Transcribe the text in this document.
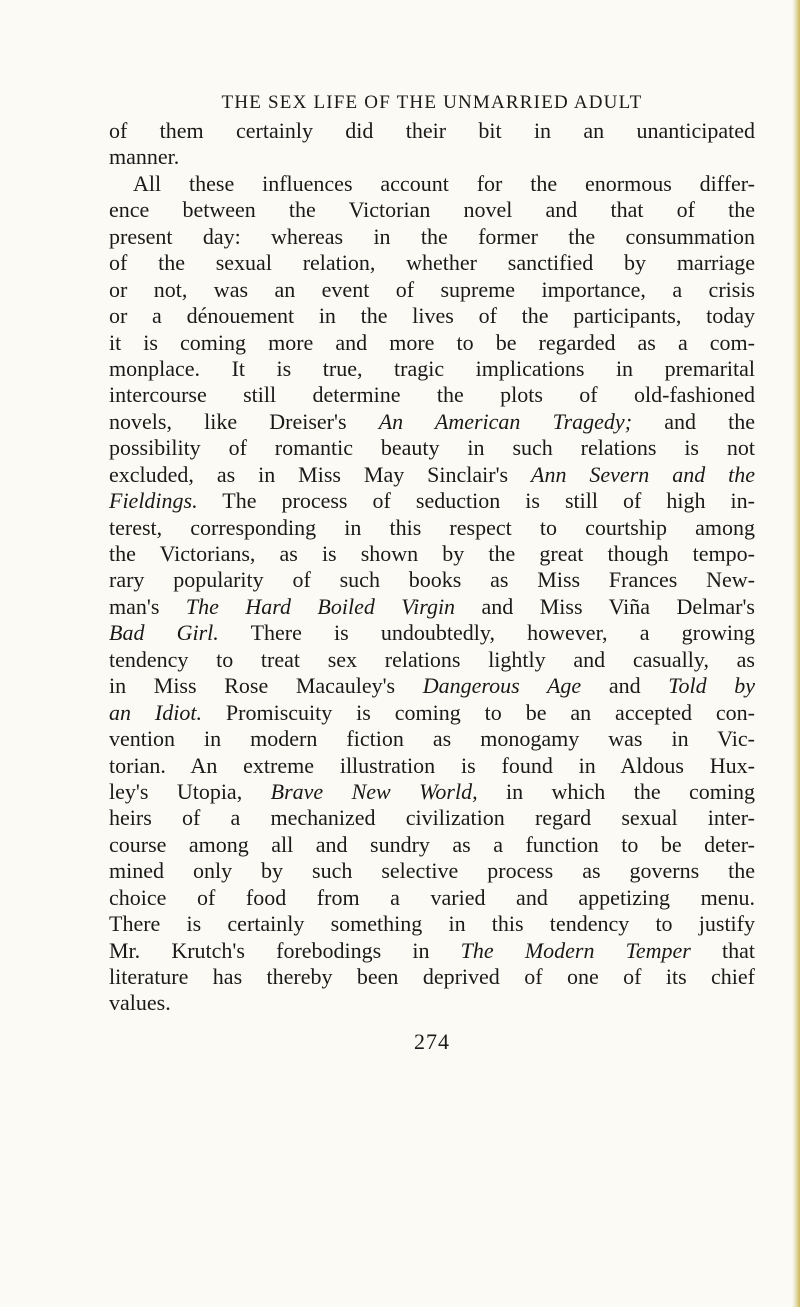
THE SEX LIFE OF THE UNMARRIED ADULT
of them certainly did their bit in an unanticipated
manner.
All these influences account for the enormous differ-
ence between the Victorian novel and that of the
present day: whereas in the former the consummation
of the sexual relation, whether sanctified by marriage
or not, was an event of supreme importance, a crisis
or a dénouement in the lives of the participants, today
it is coming more and more to be regarded as a com-
monplace. It is true, tragic implications in premarital
intercourse still determine the plots of old-fashioned
novels, like Dreiser's An American Tragedy; and the
possibility of romantic beauty in such relations is not
excluded, as in Miss May Sinclair's Ann Severn and the
Fieldings. The process of seduction is still of high in-
terest, corresponding in this respect to courtship among
the Victorians, as is shown by the great though tempo-
rary popularity of such books as Miss Frances New-
man's The Hard Boiled Virgin and Miss Viña Delmar's
Bad Girl. There is undoubtedly, however, a growing
tendency to treat sex relations lightly and casually, as
in Miss Rose Macauley's Dangerous Age and Told by
an Idiot. Promiscuity is coming to be an accepted con-
vention in modern fiction as monogamy was in Vic-
torian. An extreme illustration is found in Aldous Hux-
ley's Utopia, Brave New World, in which the coming
heirs of a mechanized civilization regard sexual inter-
course among all and sundry as a function to be deter-
mined only by such selective process as governs the
choice of food from a varied and appetizing menu.
There is certainly something in this tendency to justify
Mr. Krutch's forebodings in The Modern Temper that
literature has thereby been deprived of one of its chief
values.
274
